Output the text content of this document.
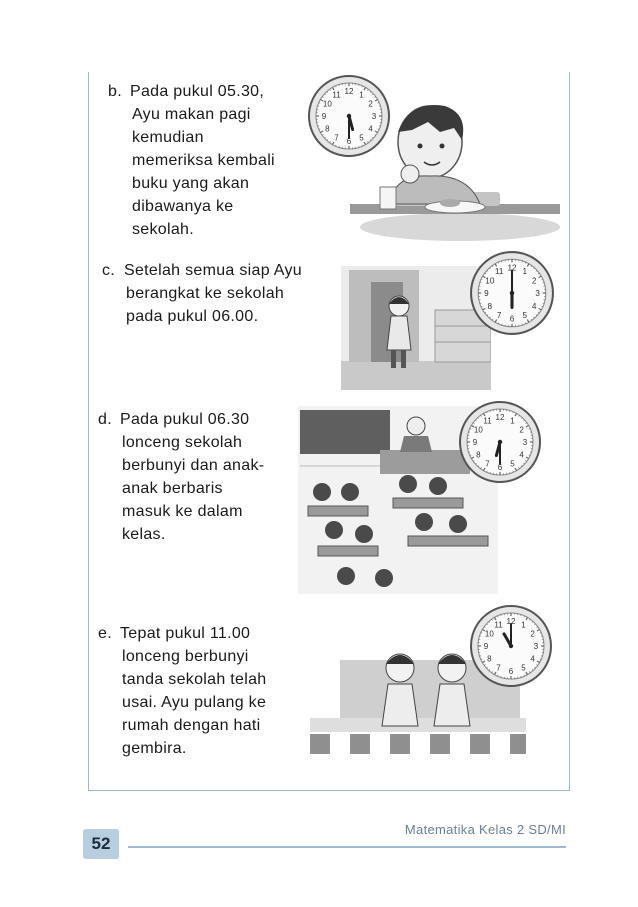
b. Pada pukul 05.30,
Ayu makan pagi
kemudian
memeriksa kembali
buku yang akan
dibawanya ke
sekolah.
c. Setelah semua siap Ayu
berangkat ke sekolah
pada pukul 06.00.
d. Pada pukul 06.30
lonceng sekolah
berbunyi dan anak-
anak berbaris
masuk ke dalam
kelas.
e. Tepat pukul 11.00
lonceng berbunyi
tanda sekolah telah
usai. Ayu pulang ke
rumah dengan hati
gembira.
12 1
2
3
4
5
6
7
8
9
10
11
12 1
2
3
4
5
6
7
8
9
10
11
12 1
2
3
4
5
6
7
8
9
10
11
12 1
2
3
4
5
6
7
8
9
10
11
52
Matematika Kelas 2 SD/MI
